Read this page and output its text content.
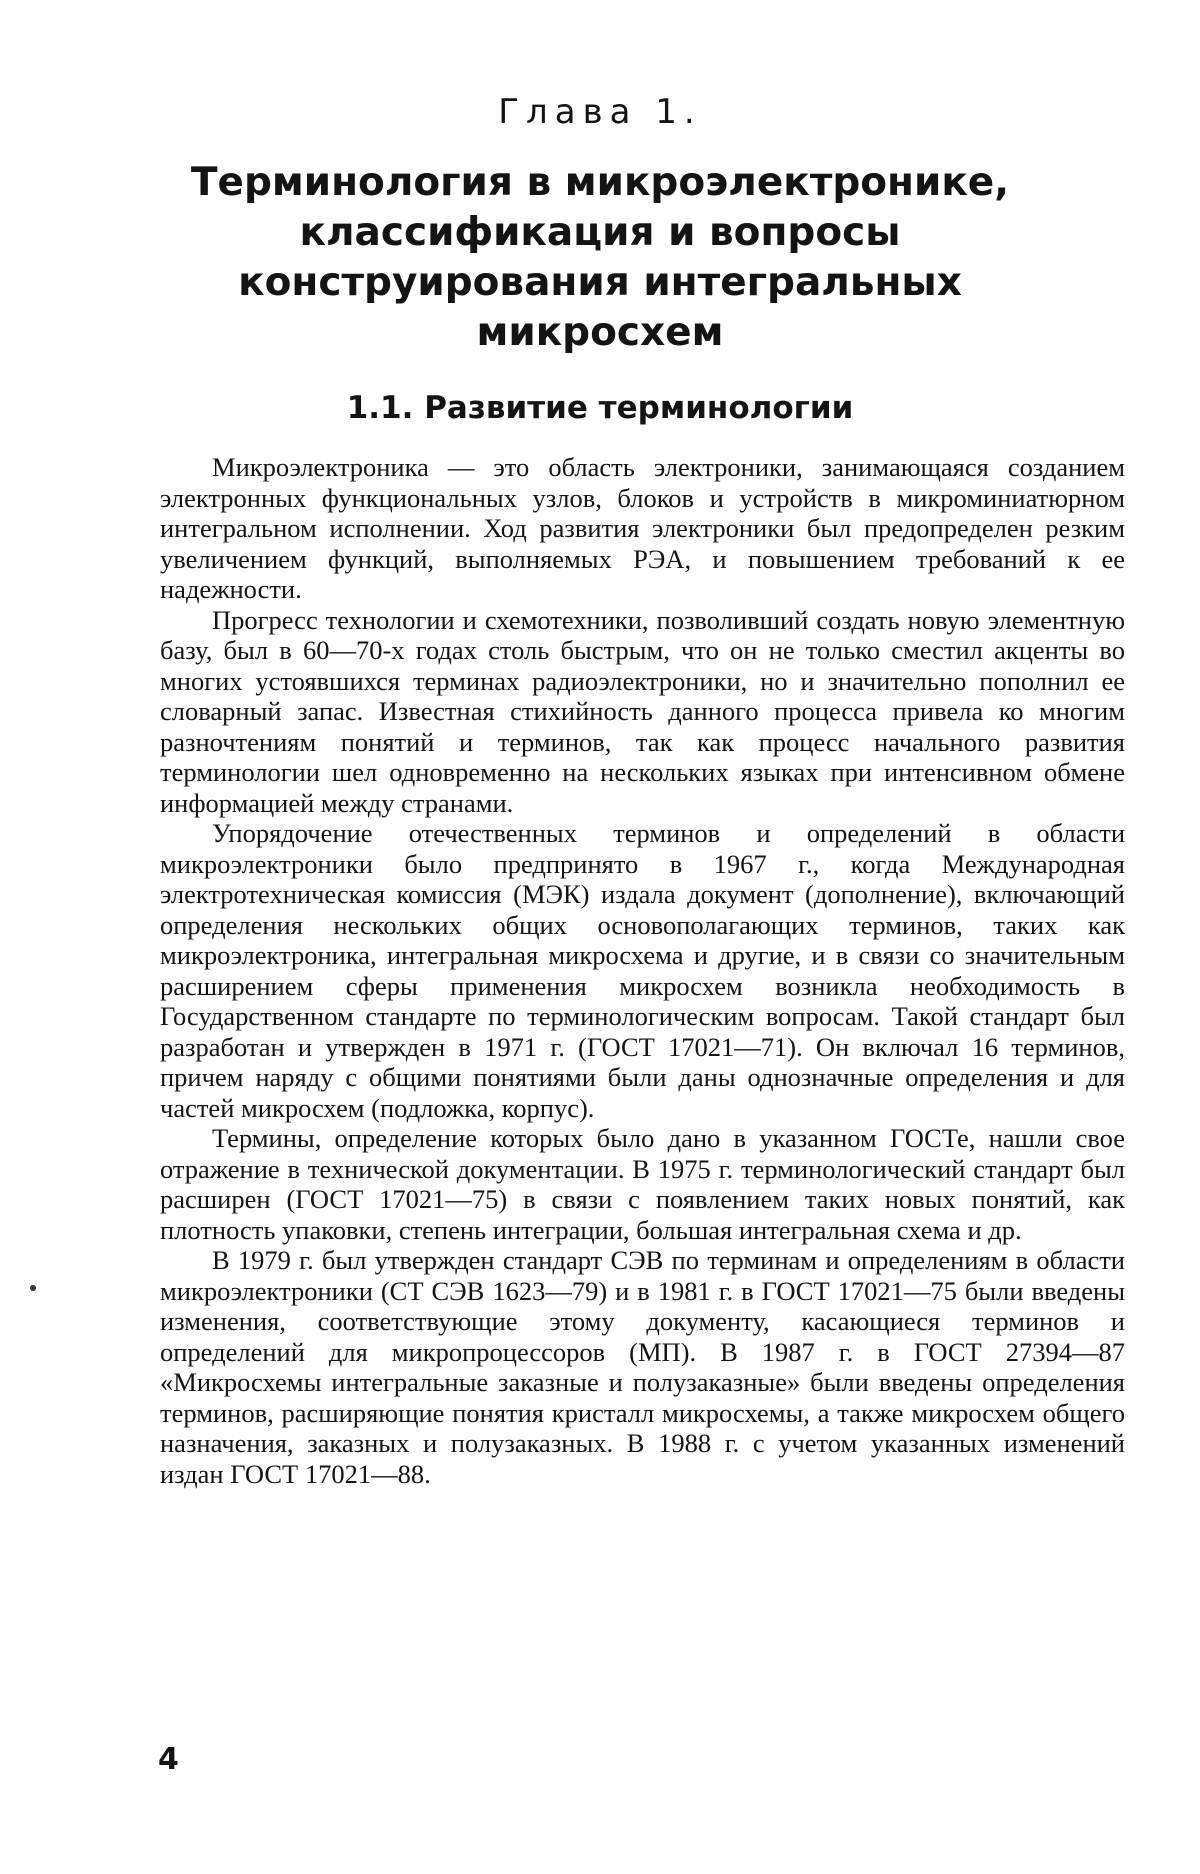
Глава 1.
Терминология в микроэлектронике, классификация и вопросы конструирования интегральных микросхем
1.1. Развитие терминологии

Микроэлектроника — это область электроники, занимающаяся созданием электронных функциональных узлов, блоков и устройств в микроминиатюрном интегральном исполнении. Ход развития электроники был предопределен резким увеличением функций, выполняемых РЭА, и повышением требований к ее надежности.

Прогресс технологии и схемотехники, позволивший создать новую элементную базу, был в 60—70-х годах столь быстрым, что он не только сместил акценты во многих устоявшихся терминах радиоэлектроники, но и значительно пополнил ее словарный запас. Известная стихийность данного процесса привела ко многим разночтениям понятий и терминов, так как процесс начального развития терминологии шел одновременно на нескольких языках при интенсивном обмене информацией между странами.

Упорядочение отечественных терминов и определений в области микроэлектроники было предпринято в 1967 г., когда Международная электротехническая комиссия (МЭК) издала документ (дополнение), включающий определения нескольких общих основополагающих терминов, таких как микроэлектроника, интегральная микросхема и другие, и в связи со значительным расширением сферы применения микросхем возникла необходимость в Государственном стандарте по терминологическим вопросам. Такой стандарт был разработан и утвержден в 1971 г. (ГОСТ 17021—71). Он включал 16 терминов, причем наряду с общими понятиями были даны однозначные определения и для частей микросхем (подложка, корпус).

Термины, определение которых было дано в указанном ГОСТе, нашли свое отражение в технической документации. В 1975 г. терминологический стандарт был расширен (ГОСТ 17021—75) в связи с появлением таких новых понятий, как плотность упаковки, степень интеграции, большая интегральная схема и др.

В 1979 г. был утвержден стандарт СЭВ по терминам и определениям в области микроэлектроники (СТ СЭВ 1623—79) и в 1981 г. в ГОСТ 17021—75 были введены изменения, соответствующие этому документу, касающиеся терминов и определений для микропроцессоров (МП). В 1987 г. в ГОСТ 27394—87 «Микросхемы интегральные заказные и полузаказные» были введены определения терминов, расширяющие понятия кристалл микросхемы, а также микросхем общего назначения, заказных и полузаказных. В 1988 г. с учетом указанных изменений издан ГОСТ 17021—88.

4
